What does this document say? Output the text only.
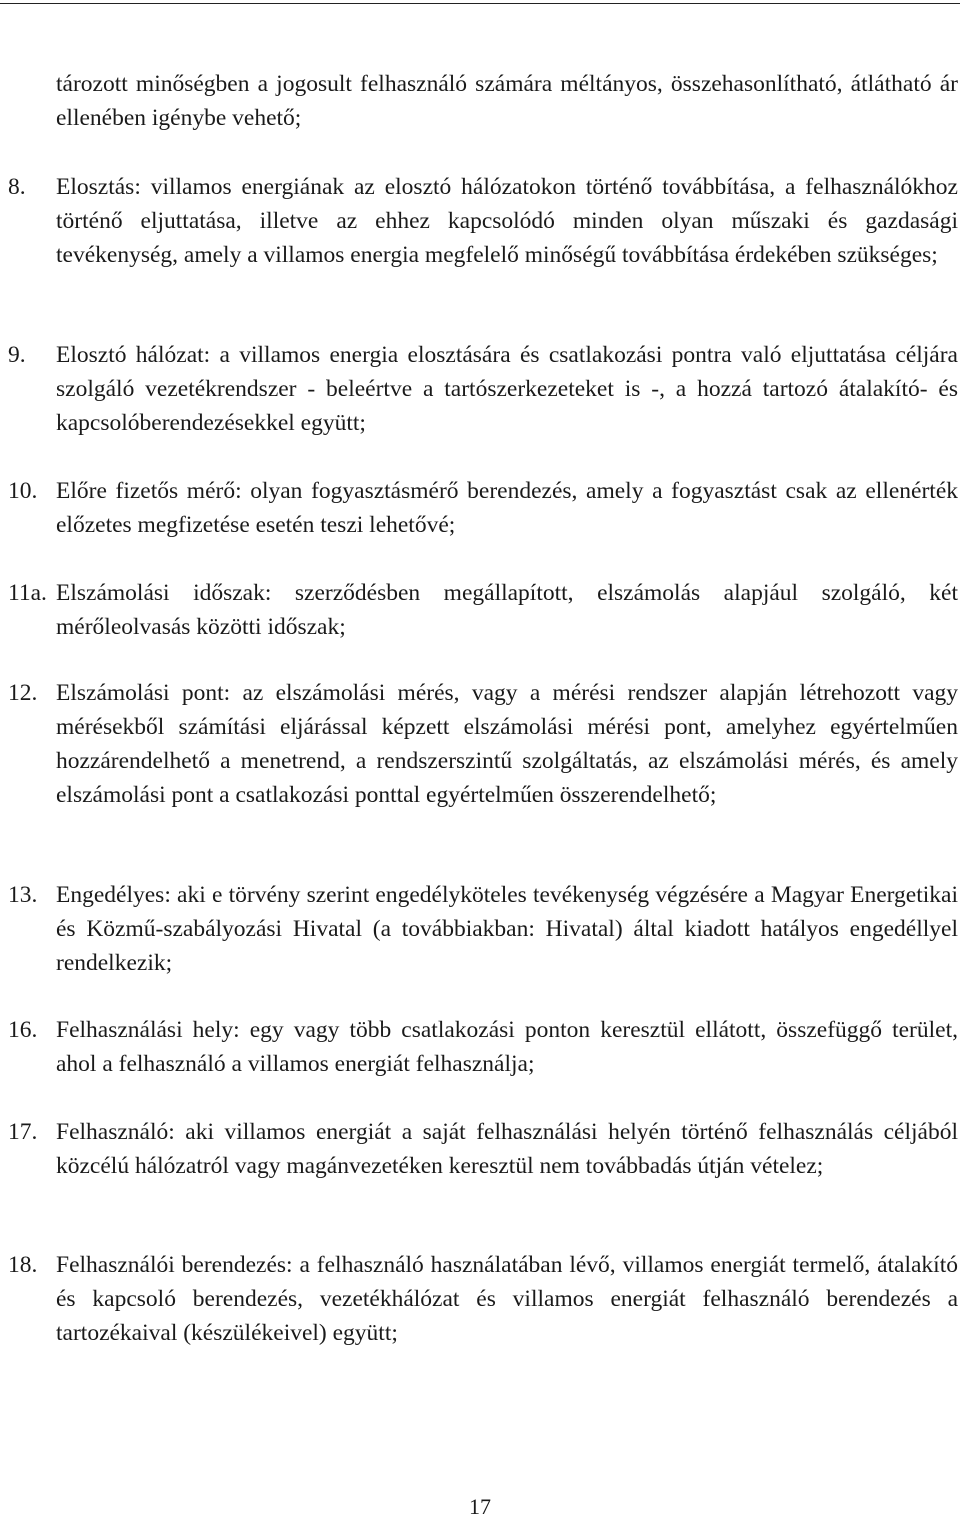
tározott minőségben a jogosult felhasználó számára méltányos, összehasonlítható, átlátható ár ellenében igénybe vehető;
8.	Elosztás: villamos energiának az elosztó hálózatokon történő továbbítása, a felhasználókhoz történő eljuttatása, illetve az ehhez kapcsolódó minden olyan műszaki és gazdasági tevékenység, amely a villamos energia megfelelő minőségű továbbítása érdekében szükséges;
9.	Elosztó hálózat: a villamos energia elosztására és csatlakozási pontra való eljuttatása céljára szolgáló vezetékrendszer - beleértve a tartószerkezeteket is -, a hozzá tartozó átalakító- és kapcsolóberendezésekkel együtt;
10. Előre fizetős mérő: olyan fogyasztásmérő berendezés, amely a fogyasztást csak az ellenérték előzetes megfizetése esetén teszi lehetővé;
11a. Elszámolási időszak: szerződésben megállapított, elszámolás alapjául szolgáló, két mérőleolvasás közötti időszak;
12. Elszámolási pont: az elszámolási mérés, vagy a mérési rendszer alapján létrehozott vagy mérésekből számítási eljárással képzett elszámolási mérési pont, amelyhez egyértelműen hozzárendelhető a menetrend, a rendszerszintű szolgáltatás, az elszámolási mérés, és amely elszámolási pont a csatlakozási ponttal egyértelműen összerendelhető;
13. Engedélyes: aki e törvény szerint engedélyköteles tevékenység végzésére a Magyar Energetikai és Közmű-szabályozási Hivatal (a továbbiakban: Hivatal) által kiadott hatályos engedéllyel rendelkezik;
16. Felhasználási hely: egy vagy több csatlakozási ponton keresztül ellátott, összefüggő terület, ahol a felhasználó a villamos energiát felhasználja;
17. Felhasználó: aki villamos energiát a saját felhasználási helyén történő felhasználás céljából közcélú hálózatról vagy magánvezetéken keresztül nem továbbadás útján vételez;
18. Felhasználói berendezés: a felhasználó használatában lévő, villamos energiát termelő, átalakító és kapcsoló berendezés, vezetékhálózat és villamos energiát felhasználó berendezés a tartozékaival (készülékeivel) együtt;
17
